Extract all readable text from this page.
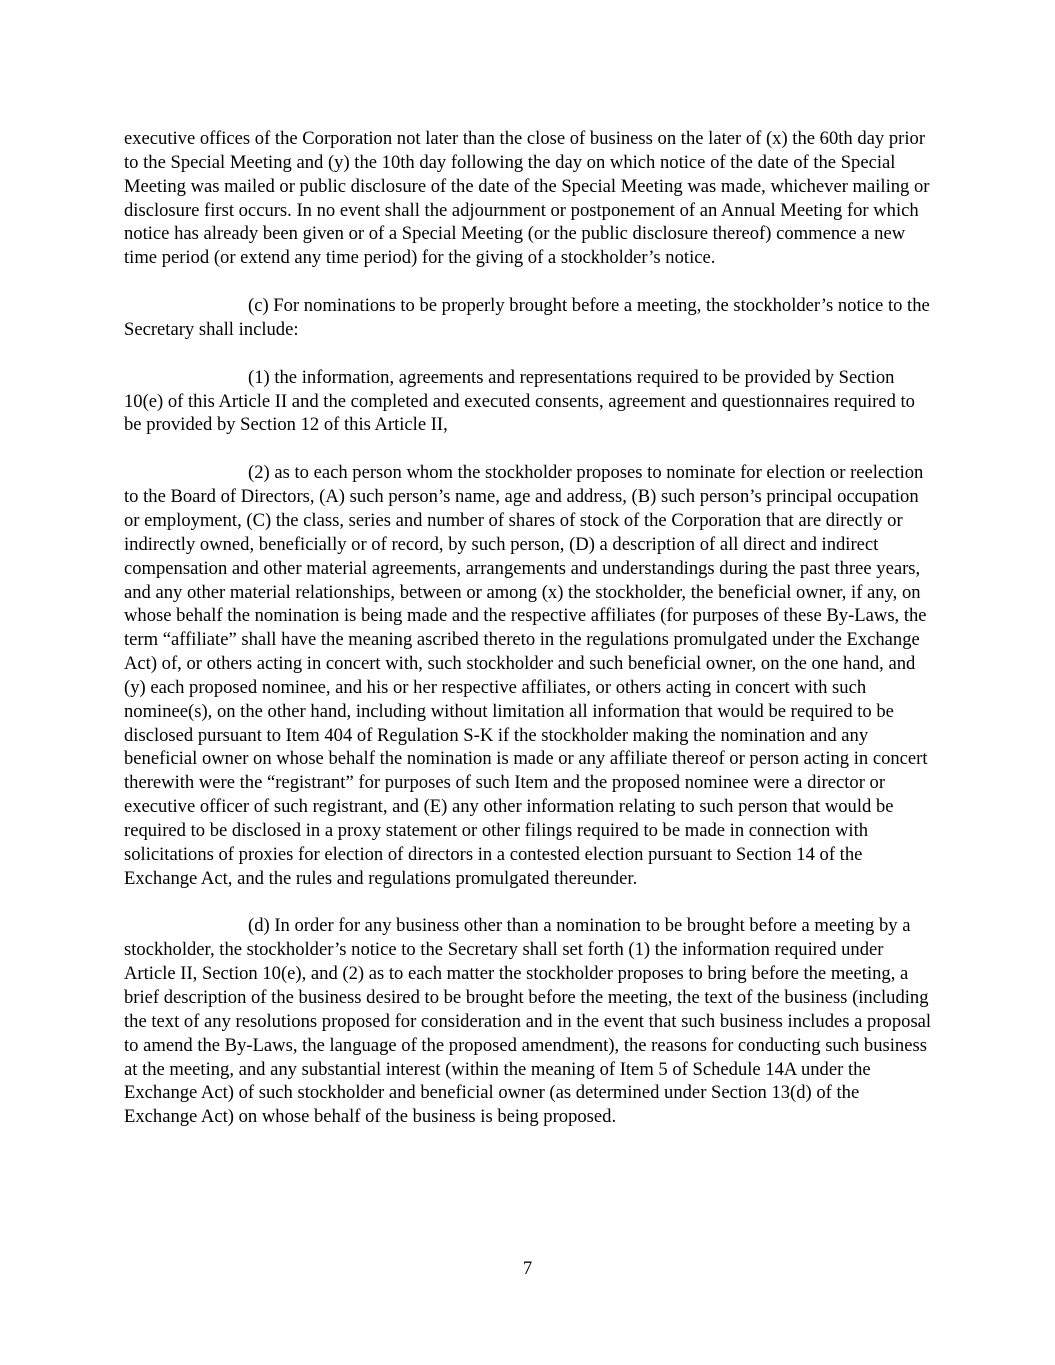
executive offices of the Corporation not later than the close of business on the later of (x) the 60th day prior to the Special Meeting and (y) the 10th day following the day on which notice of the date of the Special Meeting was mailed or public disclosure of the date of the Special Meeting was made, whichever mailing or disclosure first occurs. In no event shall the adjournment or postponement of an Annual Meeting for which notice has already been given or of a Special Meeting (or the public disclosure thereof) commence a new time period (or extend any time period) for the giving of a stockholder’s notice.

(c) For nominations to be properly brought before a meeting, the stockholder’s notice to the Secretary shall include:

(1) the information, agreements and representations required to be provided by Section 10(e) of this Article II and the completed and executed consents, agreement and questionnaires required to be provided by Section 12 of this Article II,

(2) as to each person whom the stockholder proposes to nominate for election or reelection to the Board of Directors, (A) such person’s name, age and address, (B) such person’s principal occupation or employment, (C) the class, series and number of shares of stock of the Corporation that are directly or indirectly owned, beneficially or of record, by such person, (D) a description of all direct and indirect compensation and other material agreements, arrangements and understandings during the past three years, and any other material relationships, between or among (x) the stockholder, the beneficial owner, if any, on whose behalf the nomination is being made and the respective affiliates (for purposes of these By-Laws, the term “affiliate” shall have the meaning ascribed thereto in the regulations promulgated under the Exchange Act) of, or others acting in concert with, such stockholder and such beneficial owner, on the one hand, and (y) each proposed nominee, and his or her respective affiliates, or others acting in concert with such nominee(s), on the other hand, including without limitation all information that would be required to be disclosed pursuant to Item 404 of Regulation S-K if the stockholder making the nomination and any beneficial owner on whose behalf the nomination is made or any affiliate thereof or person acting in concert therewith were the “registrant” for purposes of such Item and the proposed nominee were a director or executive officer of such registrant, and (E) any other information relating to such person that would be required to be disclosed in a proxy statement or other filings required to be made in connection with solicitations of proxies for election of directors in a contested election pursuant to Section 14 of the Exchange Act, and the rules and regulations promulgated thereunder.

(d) In order for any business other than a nomination to be brought before a meeting by a stockholder, the stockholder’s notice to the Secretary shall set forth (1) the information required under Article II, Section 10(e), and (2) as to each matter the stockholder proposes to bring before the meeting, a brief description of the business desired to be brought before the meeting, the text of the business (including the text of any resolutions proposed for consideration and in the event that such business includes a proposal to amend the By-Laws, the language of the proposed amendment), the reasons for conducting such business at the meeting, and any substantial interest (within the meaning of Item 5 of Schedule 14A under the Exchange Act) of such stockholder and beneficial owner (as determined under Section 13(d) of the Exchange Act) on whose behalf of the business is being proposed.

7
